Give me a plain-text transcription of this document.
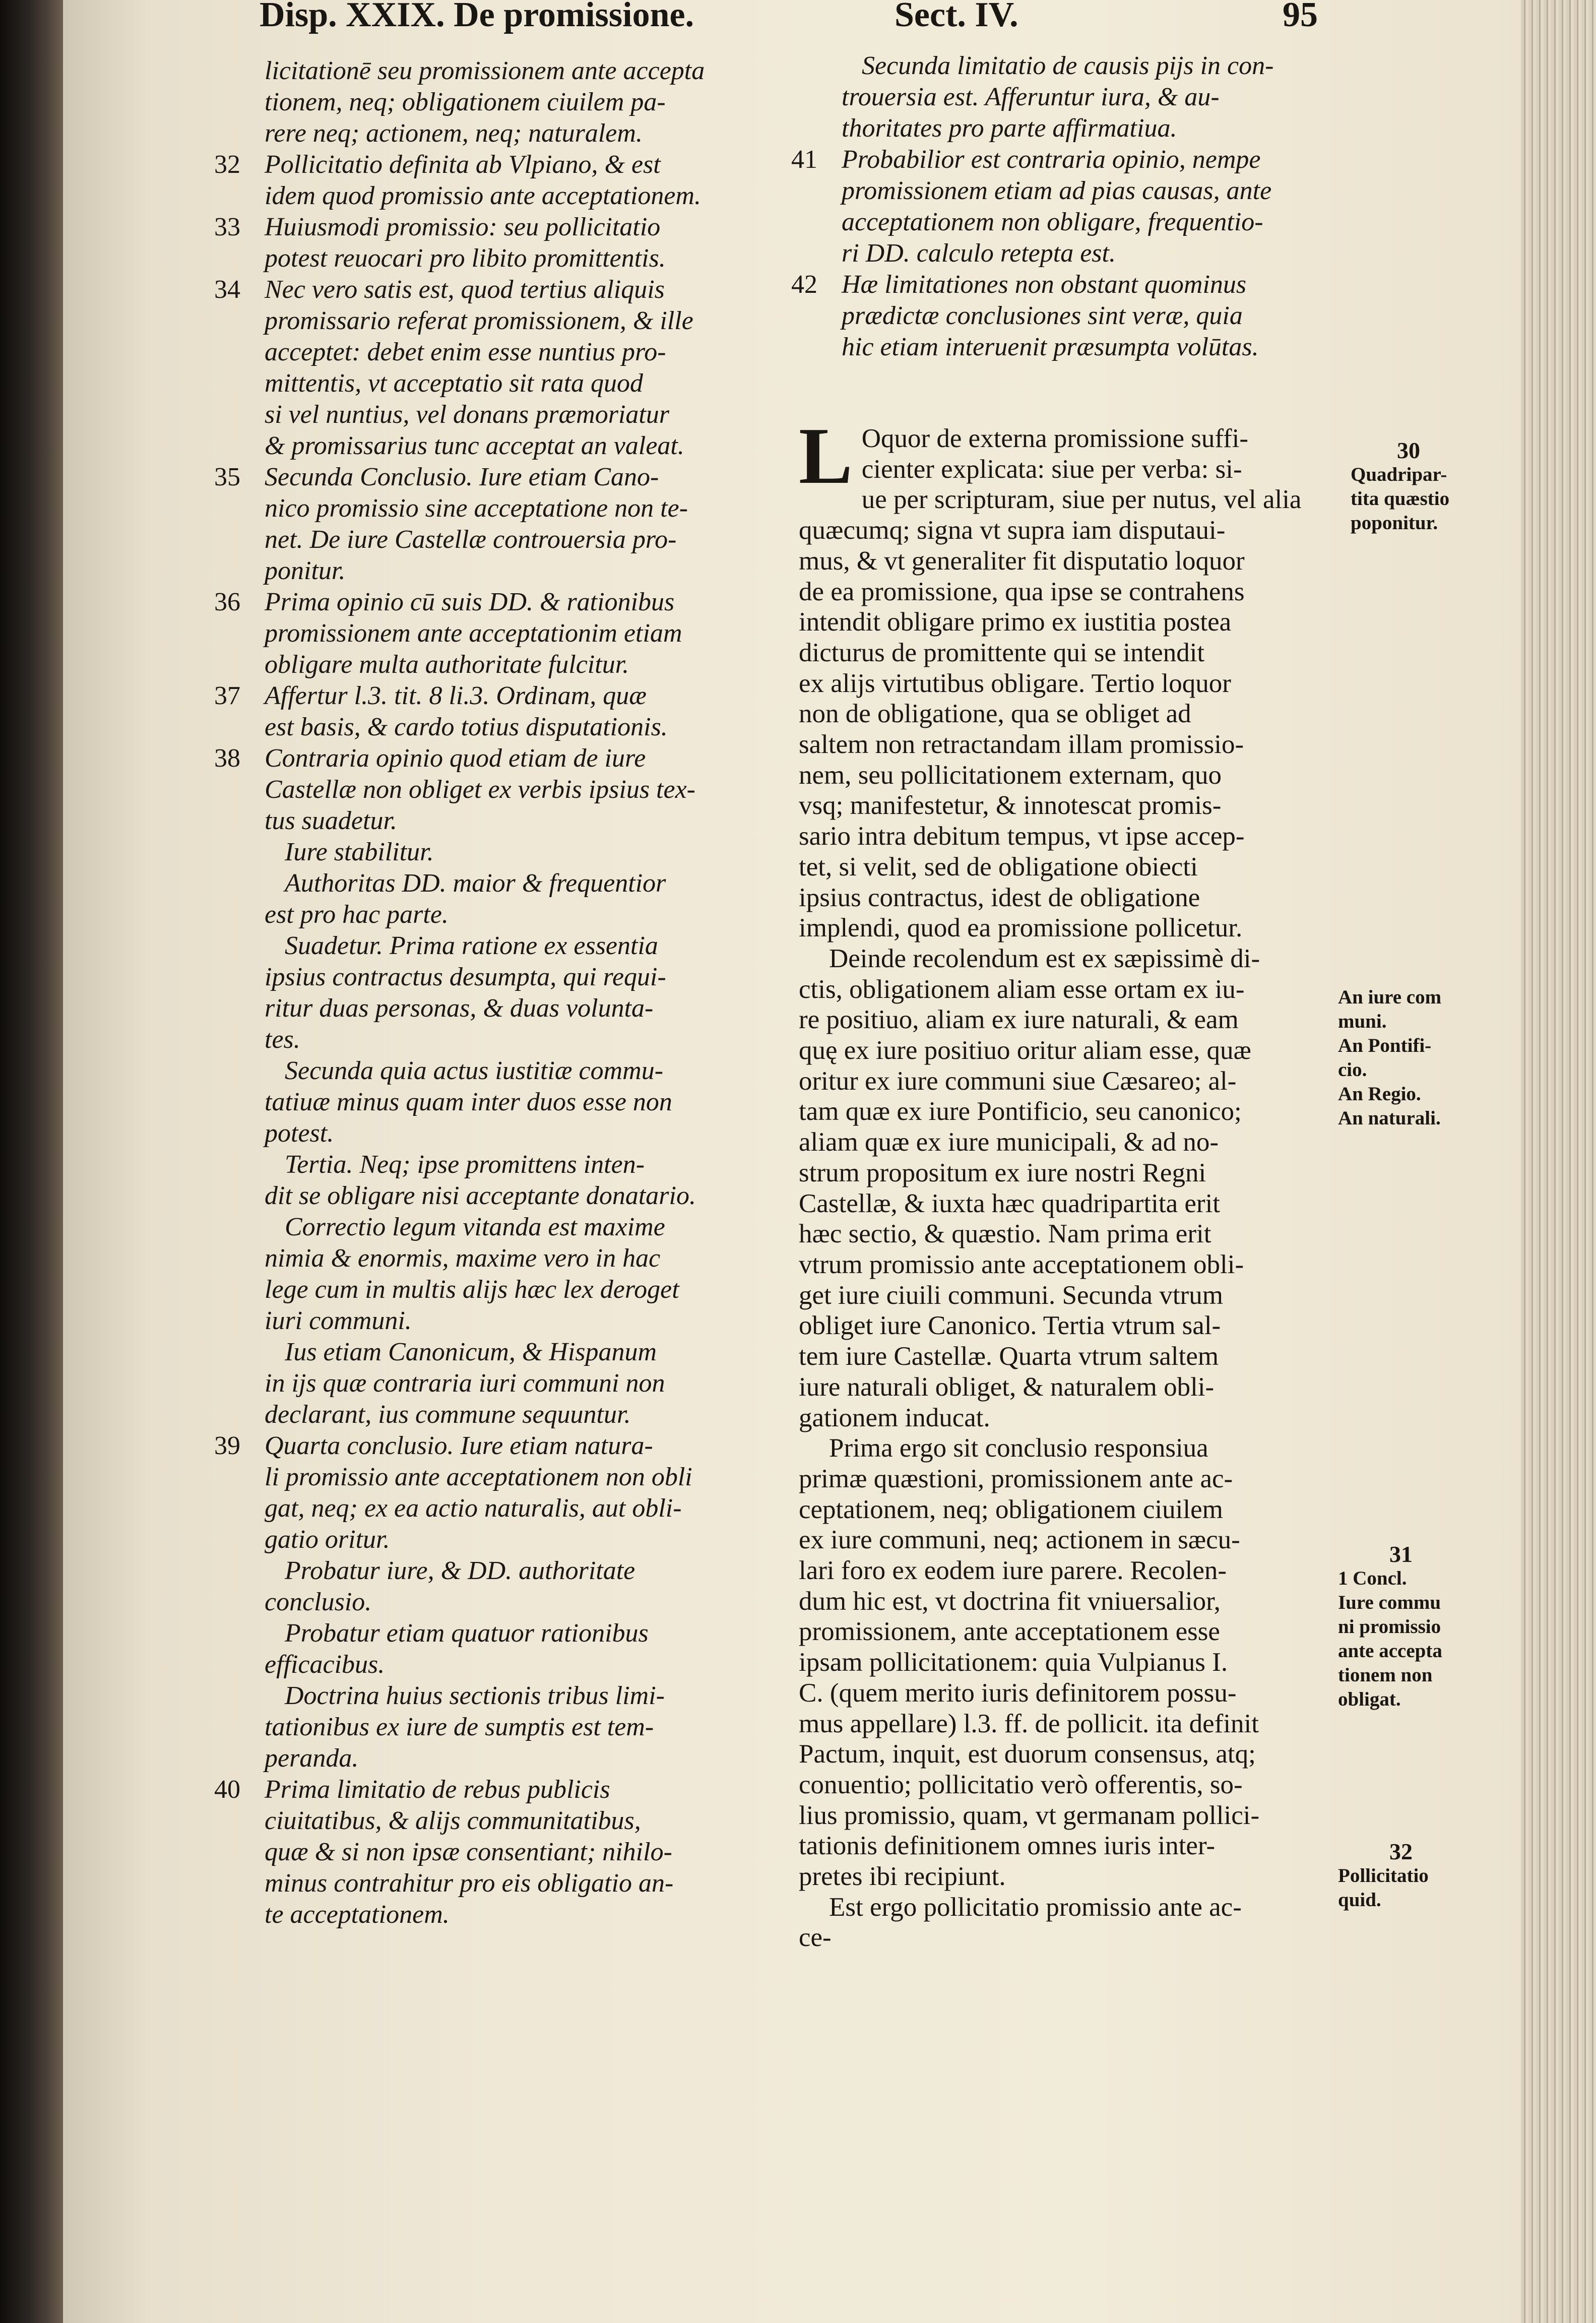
Disp. XXIX. De promissione.	Sect. IV.	95

licitationē seu promissionem ante accepta
tionem, neq; obligationem ciuilem pa-
rere neq; actionem, neq; naturalem.

32 Pollicitatio definita ab Vlpiano, & est
idem quod promissio ante acceptationem.

33 Huiusmodi promissio: seu pollicitatio
potest reuocari pro libito promittentis.

34 Nec vero satis est, quod tertius aliquis
promissario referat promissionem, & ille
acceptet: debet enim esse nuntius pro-
mittentis, vt acceptatio sit rata quod
si vel nuntius, vel donans præmoriatur
& promissarius tunc acceptat an valeat.

35 Secunda Conclusio. Iure etiam Cano-
nico promissio sine acceptatione non te-
net. De iure Castellæ controuersia pro-
ponitur.

36 Prima opinio cū suis DD. & rationibus
promissionem ante acceptationim etiam
obligare multa authoritate fulcitur.

37 Affertur l.3. tit. 8 li.3. Ordinam, quæ
est basis, & cardo totius disputationis.

38 Contraria opinio quod etiam de iure
Castellæ non obliget ex verbis ipsius tex-
tus suadetur.

Iure stabilitur.

Authoritas DD. maior & frequentior
est pro hac parte.

Suadetur. Prima ratione ex essentia
ipsius contractus desumpta, qui requi-
ritur duas personas, & duas volunta-
tes.

Secunda quia actus iustitiæ commu-
tatiuæ minus quam inter duos esse non
potest.

Tertia. Neq; ipse promittens inten-
dit se obligare nisi acceptante donatario.

Correctio legum vitanda est maxime
nimia & enormis, maxime vero in hac
lege cum in multis alijs hæc lex deroget
iuri communi.

Ius etiam Canonicum, & Hispanum
in ijs quæ contraria iuri communi non
declarant, ius commune sequuntur.

39 Quarta conclusio. Iure etiam natura-
li promissio ante acceptationem non obli
gat, neq; ex ea actio naturalis, aut obli-
gatio oritur.

Probatur iure, & DD. authoritate
conclusio.

Probatur etiam quatuor rationibus
efficacibus.

Doctrina huius sectionis tribus limi-
tationibus ex iure de sumptis est tem-
peranda.

40 Prima limitatio de rebus publicis
ciuitatibus, & alijs communitatibus,
quæ & si non ipsæ consentiant; nihilo-
minus contrahitur pro eis obligatio an-
te acceptationem.

Secunda limitatio de causis pijs in con-
trouersia est. Afferuntur iura, & au-
thoritates pro parte affirmatiua.

41 Probabilior est contraria opinio, nempe
promissionem etiam ad pias causas, ante
acceptationem non obligare, frequentio-
ri DD. calculo retepta est.

42 Hæ limitationes non obstant quominus
prædictæ conclusiones sint veræ, quia
hic etiam interuenit præsumpta volūtas.

L Oquor de externa promissione suffi-
cienter explicata: siue per verba: si-
ue per scripturam, siue per nutus, vel alia
quæcumq; signa vt supra iam disputaui-
mus, & vt generaliter fit disputatio loquor
de ea promissione, qua ipse se contrahens
intendit obligare primo ex iustitia postea
dicturus de promittente qui se intendit
ex alijs virtutibus obligare. Tertio loquor
non de obligatione, qua se obliget ad
saltem non retractandam illam promissio-
nem, seu pollicitationem externam, quo
vsq; manifestetur, & innotescat promis-
sario intra debitum tempus, vt ipse accep-
tet, si velit, sed de obligatione obiecti
ipsius contractus, idest de obligatione
implendi, quod ea promissione pollicetur.

Deinde recolendum est ex sæpissimè di-
ctis, obligationem aliam esse ortam ex iu-
re positiuo, aliam ex iure naturali, & eam
quę ex iure positiuo oritur aliam esse, quæ
oritur ex iure communi siue Cæsareo; al-
tam quæ ex iure Pontificio, seu canonico;
aliam quæ ex iure municipali, & ad no-
strum propositum ex iure nostri Regni
Castellæ, & iuxta hæc quadripartita erit
hæc sectio, & quæstio. Nam prima erit
vtrum promissio ante acceptationem obli-
get iure ciuili communi. Secunda vtrum
obliget iure Canonico. Tertia vtrum sal-
tem iure Castellæ. Quarta vtrum saltem
iure naturali obliget, & naturalem obli-
gationem inducat.

Prima ergo sit conclusio responsiua
primæ quæstioni, promissionem ante ac-
ceptationem, neq; obligationem ciuilem
ex iure communi, neq; actionem in sæcu-
lari foro ex eodem iure parere. Recolen-
dum hic est, vt doctrina fit vniuersalior,
promissionem, ante acceptationem esse
ipsam pollicitationem: quia Vulpianus I.
C. (quem merito iuris definitorem possu-
mus appellare) l.3. ff. de pollicit. ita definit
Pactum, inquit, est duorum consensus, atq;
conuentio; pollicitatio verò offerentis, so-
lius promissio, quam, vt germanam pollici-
tationis definitionem omnes iuris inter-
pretes ibi recipiunt.

Est ergo pollicitatio promissio ante ac-
ce-

30
Quadripar-
tita quæstio
poponitur.
An iure com
muni.
An Pontifi-
cio.
An Regio.
An naturali.
31
1 Concl.
Iure commu
ni promissio
ante accepta
tionem non
obligat.
32
Pollicitatio
quid.
